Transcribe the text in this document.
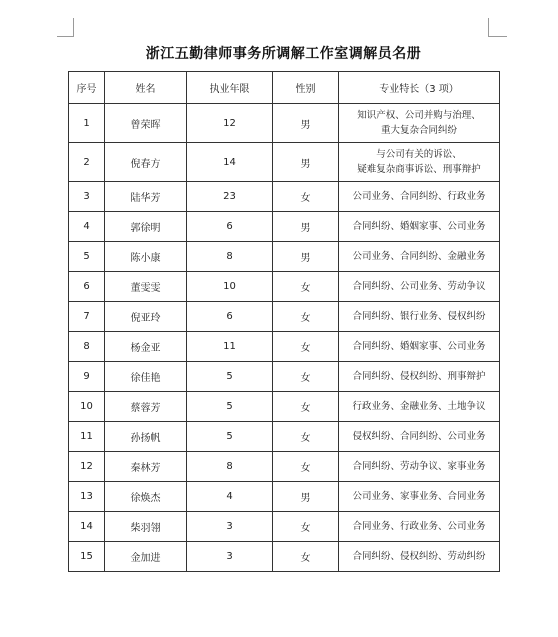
浙江五勤律师事务所调解工作室调解员名册
序号	姓名	执业年限	性别	专业特长（3 项）
1	曾荣晖	12	男	知识产权、公司并购与治理、
重大复杂合同纠纷

2	倪春方	14	男	与公司有关的诉讼、
疑难复杂商事诉讼、刑事辩护

3	陆华芳	23	女	公司业务、合同纠纷、行政业务

4	郭徐明	6	男	合同纠纷、婚姻家事、公司业务

5	陈小康	8	男	公司业务、合同纠纷、金融业务

6	董雯雯	10	女	合同纠纷、公司业务、劳动争议

7	倪亚玲	6	女	合同纠纷、银行业务、侵权纠纷

8	杨金亚	11	女	合同纠纷、婚姻家事、公司业务

9	徐佳艳	5	女	合同纠纷、侵权纠纷、刑事辩护

10	蔡蓉芳	5	女	行政业务、金融业务、土地争议

11	孙扬帆	5	女	侵权纠纷、合同纠纷、公司业务

12	秦林芳	8	女	合同纠纷、劳动争议、家事业务

13	徐焕杰	4	男	公司业务、家事业务、合同业务

14	柴羽翎	3	女	合同业务、行政业务、公司业务

15	金加进	3	女	合同纠纷、侵权纠纷、劳动纠纷
